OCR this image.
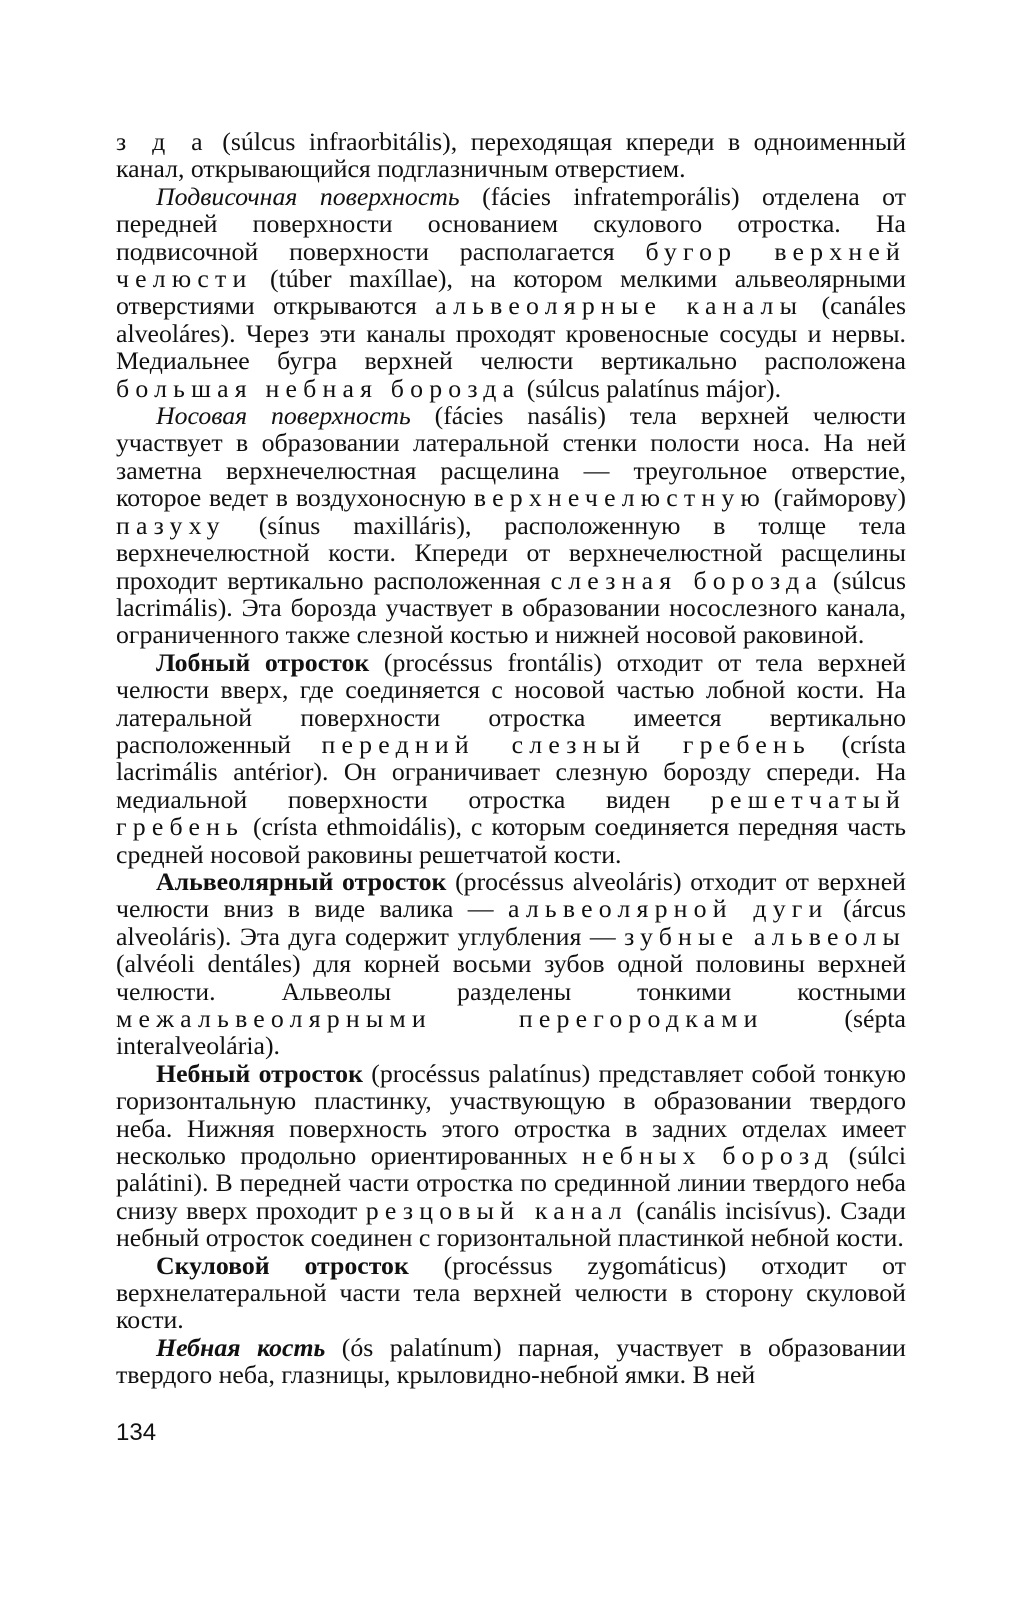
з д а (súlcus infraorbitális), переходящая кпереди в одноименный канал, открывающийся подглазничным отверстием.

Подвисочная поверхность (fácies infratemporális) отделена от передней поверхности основанием скулового отростка. На подвисочной поверхности располагается бугор верхней челюсти (túber maxíllae), на котором мелкими альвеолярными отверстиями открываются альвеолярные каналы (canáles alveoláres). Через эти каналы проходят кровеносные сосуды и нервы. Медиальнее бугра верхней челюсти вертикально расположена большая небная борозда (súlcus palatínus májor).

Носовая поверхность (fácies nasális) тела верхней челюсти участвует в образовании латеральной стенки полости носа. На ней заметна верхнечелюстная расщелина — треугольное отверстие, которое ведет в воздухоносную верхнечелюстную (гайморову) пазуху (sínus maxilláris), расположенную в толще тела верхнечелюстной кости. Кпереди от верхнечелюстной расщелины проходит вертикально расположенная слезная борозда (súlcus lacrimális). Эта борозда участвует в образовании носослезного канала, ограниченного также слезной костью и нижней носовой раковиной.

Лобный отросток (procéssus frontális) отходит от тела верхней челюсти вверх, где соединяется с носовой частью лобной кости. На латеральной поверхности отростка имеется вертикально расположенный передний слезный гребень (crísta lacrimális antérior). Он ограничивает слезную борозду спереди. На медиальной поверхности отростка виден решетчатый гребень (crísta ethmoidális), с которым соединяется передняя часть средней носовой раковины решетчатой кости.

Альвеолярный отросток (procéssus alveoláris) отходит от верхней челюсти вниз в виде валика — альвеолярной дуги (árcus alveoláris). Эта дуга содержит углубления — зубные альвеолы (alvéoli dentáles) для корней восьми зубов одной половины верхней челюсти. Альвеолы разделены тонкими костными межальвеолярными перегородками (sépta interalveolária).

Небный отросток (procéssus palatínus) представляет собой тонкую горизонтальную пластинку, участвующую в образовании твердого неба. Нижняя поверхность этого отростка в задних отделах имеет несколько продольно ориентированных небных борозд (súlci palátini). В передней части отростка по срединной линии твердого неба снизу вверх проходит резцовый канал (canális incisívus). Сзади небный отросток соединен с горизонтальной пластинкой небной кости.

Скуловой отросток (procéssus zygomáticus) отходит от верхнелатеральной части тела верхней челюсти в сторону скуловой кости.

Небная кость (ós palatínum) парная, участвует в образовании твердого неба, глазницы, крыловидно-небной ямки. В ней

134
